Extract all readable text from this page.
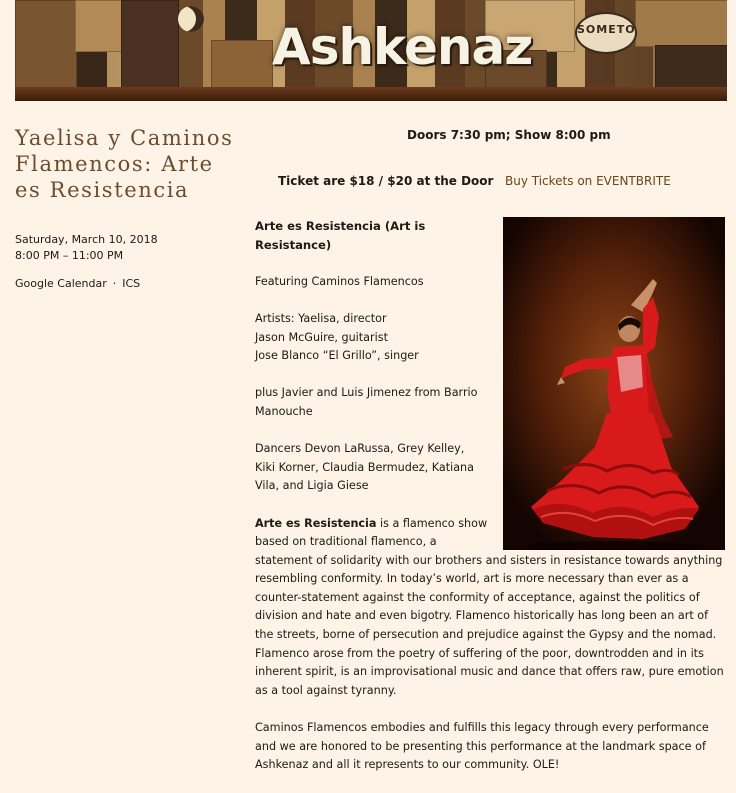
SOMETO
Ashkenaz
Yaelisa y Caminos Flamencos: Arte es Resistencia
Saturday, March 10, 2018
8:00 PM – 11:00 PM
Google Calendar · ICS
Doors 7:30 pm; Show 8:00 pm
Ticket are $18 / $20 at the Door Buy Tickets on EVENTBRITE

Arte es Resistencia (Art is Resistance)

Featuring Caminos Flamencos

Artists: Yaelisa, director
Jason McGuire, guitarist
Jose Blanco “El Grillo”, singer

plus Javier and Luis Jimenez from Barrio Manouche

Dancers Devon LaRussa, Grey Kelley, Kiki Korner, Claudia Bermudez, Katiana Vila, and Ligia Giese

Arte es Resistencia is a flamenco show based on traditional flamenco, a statement of solidarity with our brothers and sisters in resistance towards anything resembling conformity. In today’s world, art is more necessary than ever as a counter-statement against the conformity of acceptance, against the politics of division and hate and even bigotry. Flamenco historically has long been an art of the streets, borne of persecution and prejudice against the Gypsy and the nomad. Flamenco arose from the poetry of suffering of the poor, downtrodden and in its inherent spirit, is an improvisational music and dance that offers raw, pure emotion as a tool against tyranny.

Caminos Flamencos embodies and fulfills this legacy through every performance and we are honored to be presenting this performance at the landmark space of Ashkenaz and all it represents to our community. OLE!
